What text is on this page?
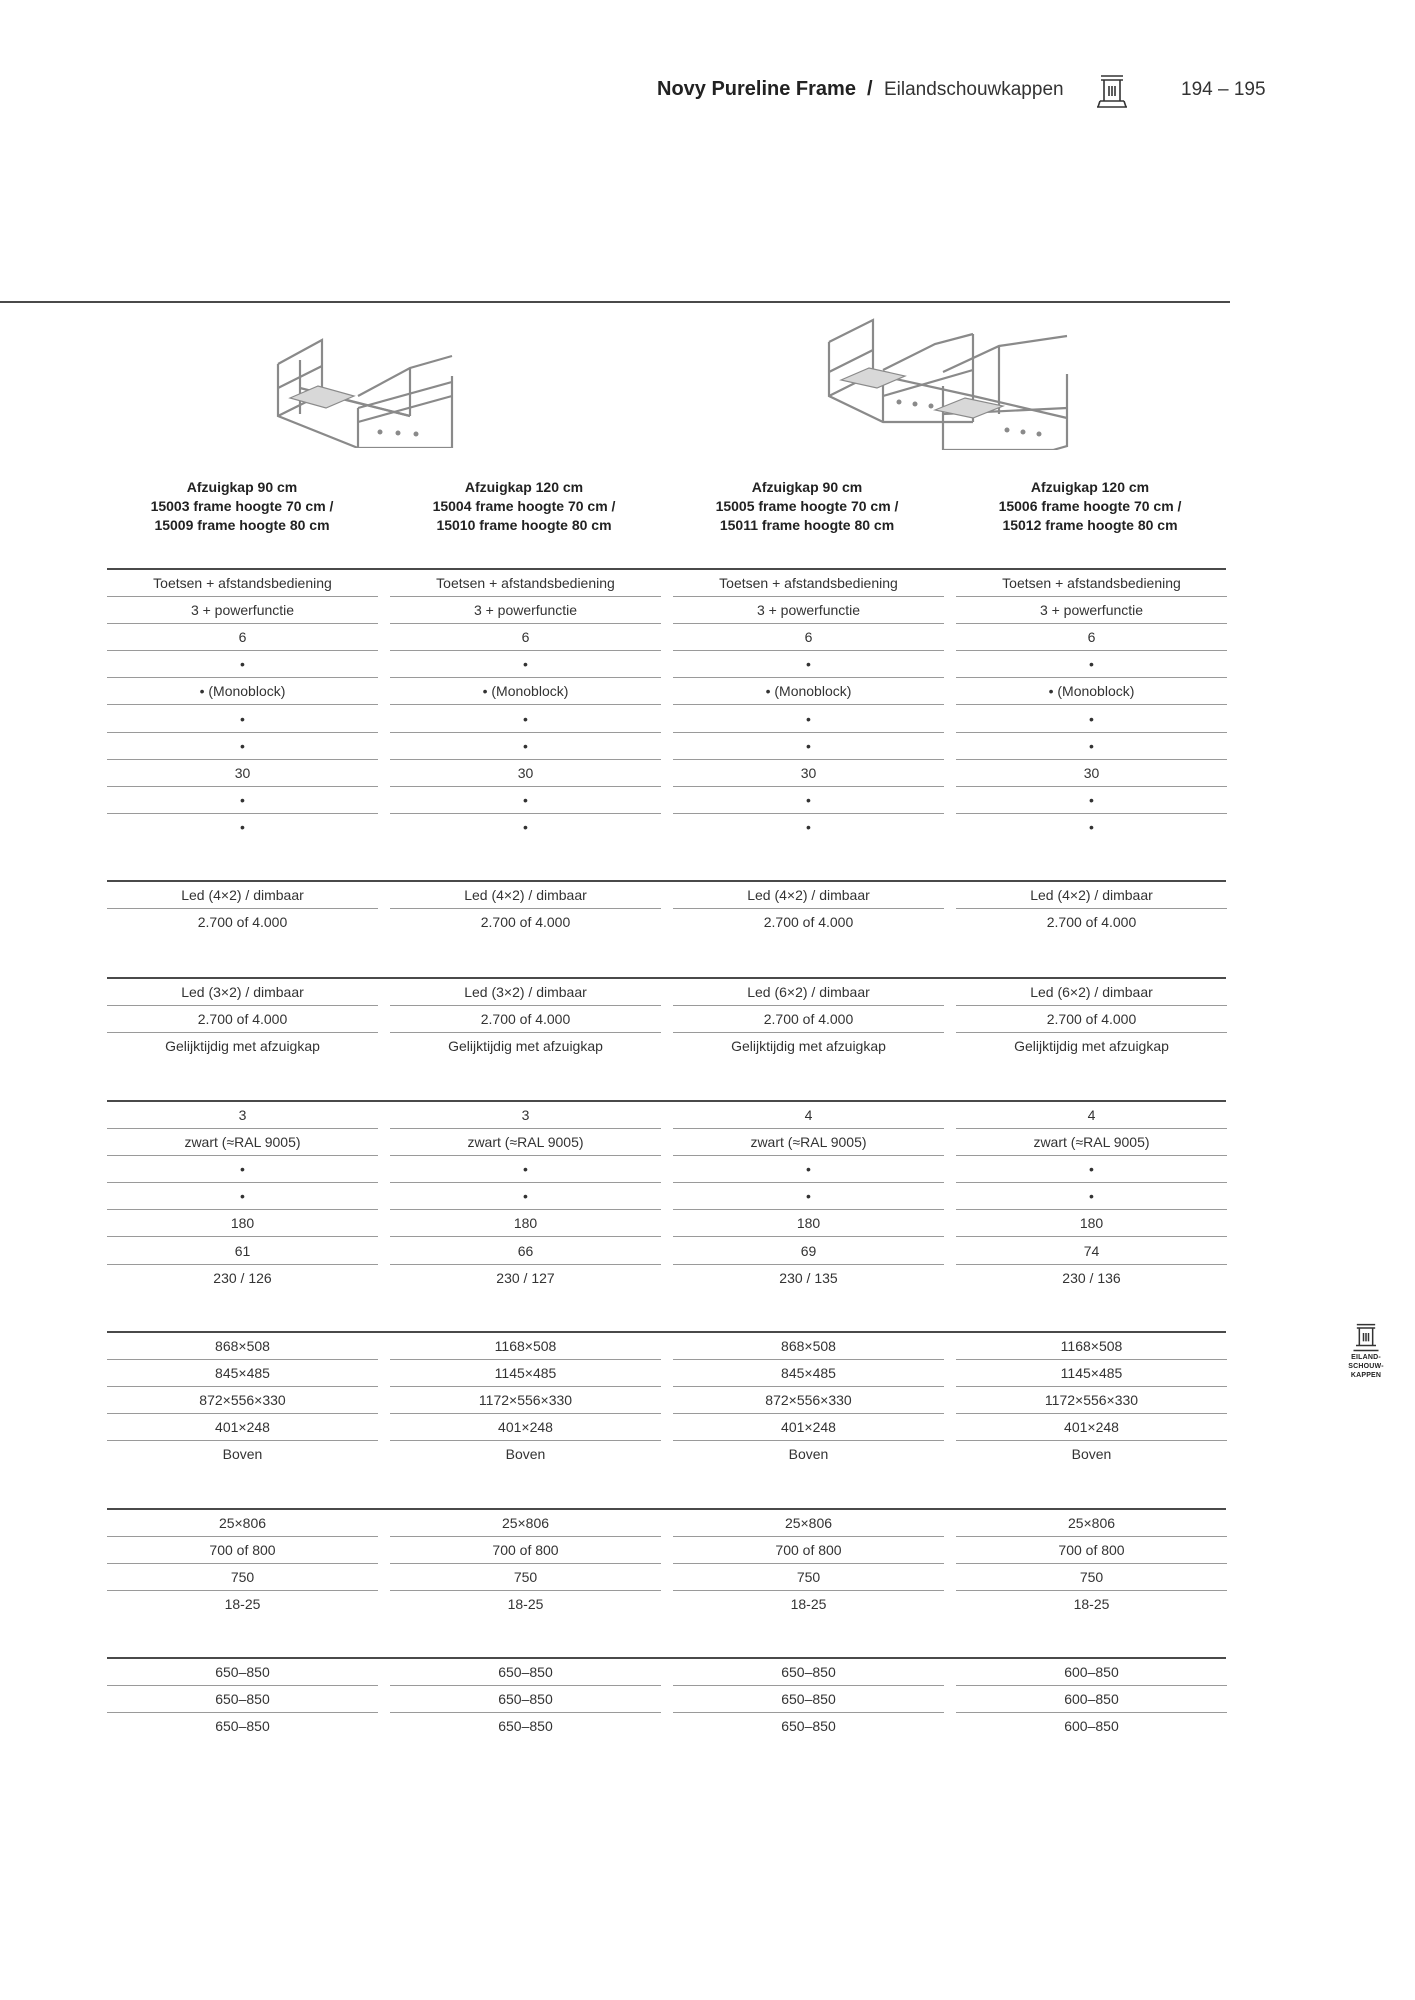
Novy Pureline Frame / Eilandschouwkappen	194 – 195
Afzuigkap 90 cm
15003 frame hoogte 70 cm /
15009 frame hoogte 80 cm
Afzuigkap 120 cm
15004 frame hoogte 70 cm /
15010 frame hoogte 80 cm
Afzuigkap 90 cm
15005 frame hoogte 70 cm /
15011 frame hoogte 80 cm
Afzuigkap 120 cm
15006 frame hoogte 70 cm /
15012 frame hoogte 80 cm
Toetsen + afstandsbediening	Toetsen + afstandsbediening	Toetsen + afstandsbediening	Toetsen + afstandsbediening
3 + powerfunctie	3 + powerfunctie	3 + powerfunctie	3 + powerfunctie
6	6	6	6
•	•	•	•
• (Monoblock)	• (Monoblock)	• (Monoblock)	• (Monoblock)
•	•	•	•
•	•	•	•
30	30	30	30
•	•	•	•
•	•	•	•
Led (4×2) / dimbaar	Led (4×2) / dimbaar	Led (4×2) / dimbaar	Led (4×2) / dimbaar
2.700 of 4.000	2.700 of 4.000	2.700 of 4.000	2.700 of 4.000
Led (3×2) / dimbaar	Led (3×2) / dimbaar	Led (6×2) / dimbaar	Led (6×2) / dimbaar
2.700 of 4.000	2.700 of 4.000	2.700 of 4.000	2.700 of 4.000
Gelijktijdig met afzuigkap	Gelijktijdig met afzuigkap	Gelijktijdig met afzuigkap	Gelijktijdig met afzuigkap
3	3	4	4
zwart (≈RAL 9005)	zwart (≈RAL 9005)	zwart (≈RAL 9005)	zwart (≈RAL 9005)
•	•	•	•
•	•	•	•
180	180	180	180
61	66	69	74
230 / 126	230 / 127	230 / 135	230 / 136
868×508	1168×508	868×508	1168×508
845×485	1145×485	845×485	1145×485
872×556×330	1172×556×330	872×556×330	1172×556×330
401×248	401×248	401×248	401×248
Boven	Boven	Boven	Boven
25×806	25×806	25×806	25×806
700 of 800	700 of 800	700 of 800	700 of 800
750	750	750	750
18-25	18-25	18-25	18-25
650–850	650–850	650–850	600–850
650–850	650–850	650–850	600–850
650–850	650–850	650–850	600–850
EILAND-
SCHOUW-
KAPPEN
